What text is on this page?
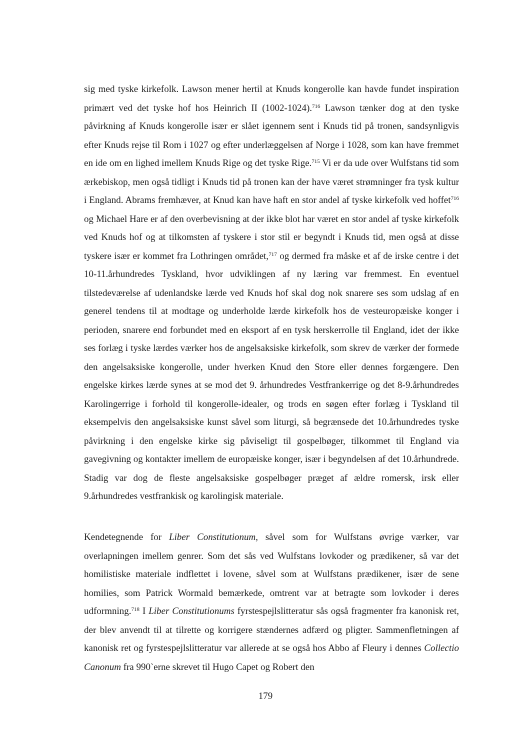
sig med tyske kirkefolk. Lawson mener hertil at Knuds kongerolle kan havde fundet inspiration primært ved det tyske hof hos Heinrich II (1002-1024).$^{716}$ Lawson tænker dog at den tyske påvirkning af Knuds kongerolle især er slået igennem sent i Knuds tid på tronen, sandsynligvis efter Knuds rejse til Rom i 1027 og efter underlæggelsen af Norge i 1028, som kan have fremmet en ide om en lighed imellem Knuds Rige og det tyske Rige.$^{715}$ Vi er da ude over Wulfstans tid som ærkebiskop, men også tidligt i Knuds tid på tronen kan der have været strømninger fra tysk kultur i England. Abrams fremhæver, at Knud kan have haft en stor andel af tyske kirkefolk ved hoffet$^{716}$ og Michael Hare er af den overbevisning at der ikke blot har været en stor andel af tyske kirkefolk ved Knuds hof og at tilkomsten af tyskere i stor stil er begyndt i Knuds tid, men også at disse tyskere især er kommet fra Lothringen området,$^{717}$ og dermed fra måske et af de irske centre i det 10-11.århundredes Tyskland, hvor udviklingen af ny læring var fremmest. En eventuel tilstedeværelse af udenlandske lærde ved Knuds hof skal dog nok snarere ses som udslag af en generel tendens til at modtage og underholde lærde kirkefolk hos de vesteuropæiske konger i perioden, snarere end forbundet med en eksport af en tysk herskerrolle til England, idet der ikke ses forlæg i tyske lærdes værker hos de angelsaksiske kirkefolk, som skrev de værker der formede den angelsaksiske kongerolle, under hverken Knud den Store eller dennes forgængere. Den engelske kirkes lærde synes at se mod det 9. århundredes Vestfrankerrige og det 8-9.århundredes Karolingerrige i forhold til kongerolle-idealer, og trods en søgen efter forlæg i Tyskland til eksempelvis den angelsaksiske kunst såvel som liturgi, så begrænsede det 10.århundredes tyske påvirkning i den engelske kirke sig påviseligt til gospelbøger, tilkommet til England via gavegivning og kontakter imellem de europæiske konger, især i begyndelsen af det 10.århundrede. Stadig var dog de fleste angelsaksiske gospelbøger præget af ældre romersk, irsk eller 9.århundredes vestfrankisk og karolingisk materiale.

Kendetegnende for Liber Constitutionum, såvel som for Wulfstans øvrige værker, var overlapningen imellem genrer. Som det sås ved Wulfstans lovkoder og prædikener, så var det homilistiske materiale indflettet i lovene, såvel som at Wulfstans prædikener, især de sene homilies, som Patrick Wormald bemærkede, omtrent var at betragte som lovkoder i deres udformning.$^{718}$ I Liber Constitutionums fyrstespejlslitteratur sås også fragmenter fra kanonisk ret, der blev anvendt til at tilrette og korrigere stændernes adfærd og pligter. Sammenfletningen af kanonisk ret og fyrstespejlslitteratur var allerede at se også hos Abbo af Fleury i dennes Collectio Canonum fra 990`erne skrevet til Hugo Capet og Robert den

179
